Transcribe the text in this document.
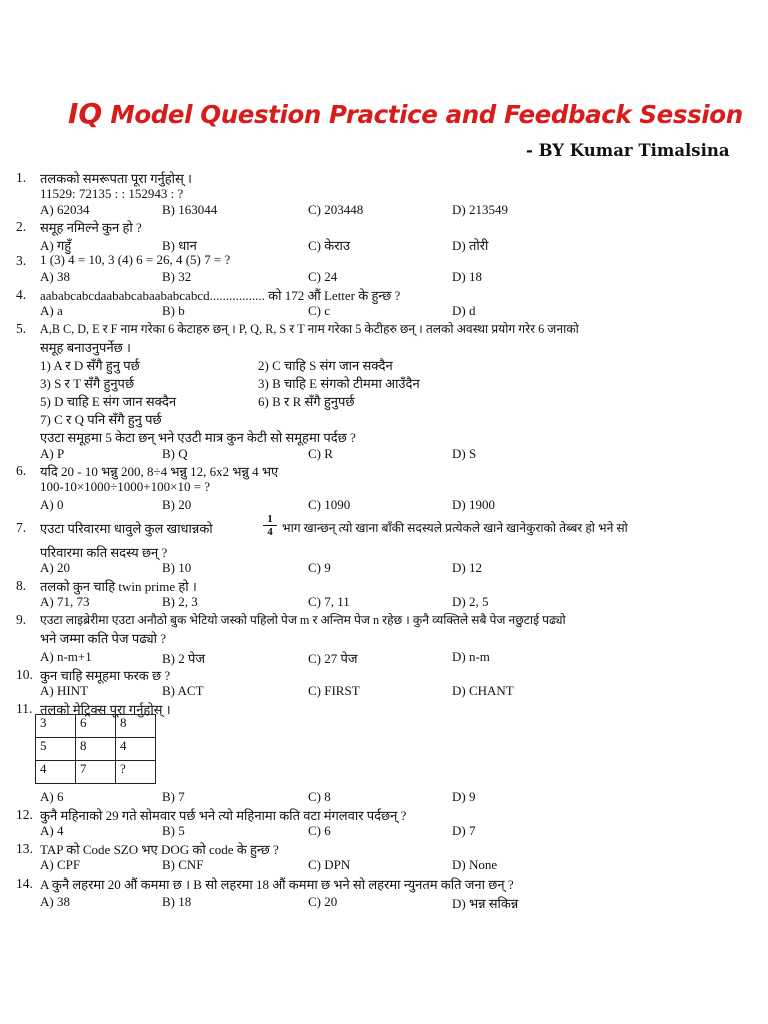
IQ Model Question Practice and Feedback Session
- BY Kumar Timalsina
1.	तलकको समरूपता पूरा गर्नुहोस् ।
11529: 72135 : : 152943 : ?
A) 62034	B) 163044	C) 203448	D) 213549
2.	समूह नमिल्ने कुन हो ?
A) गहुँ	B) धान	C) केराउ	D) तोरी
3.	1 (3) 4 = 10, 3 (4) 6 = 26, 4 (5) 7 = ?
A) 38	B) 32	C) 24	D) 18
4.	aababcabcdaababcabaababcabcd................. को 172 औं Letter के हुन्छ ?
A) a	B) b	C) c	D) d
5.	A,B C, D, E र F नाम गरेका 6 केटाहरु छन् । P, Q, R, S र T नाम गरेका 5 केटीहरु छन् । तलको अवस्था प्रयोग गरेर 6 जनाको
समूह बनाउनुपर्नेछ ।
1) A र D सँगै हुनु पर्छ	2) C चाहि S संग जान सक्दैन
3) S र T सँगै हुनुपर्छ	3) B चाहि E संगको टीममा आउँदैन
5) D चाहि E संग जान सक्दैन	6) B र R सँगै हुनुपर्छ
7) C र Q पनि सँगै हुनु पर्छ
एउटा समूहमा 5 केटा छन् भने एउटी मात्र कुन केटी सो समूहमा पर्दछ ?
A) P	B) Q	C) R	D) S
6.	यदि 20 - 10 भन्नु 200, 8÷4 भन्नु 12, 6x2 भन्नु 4 भए
100-10×1000÷1000+100×10 = ?
A) 0	B) 20	C) 1090	D) 1900
7.	एउटा परिवारमा धावुले कुल खाधान्नको	$\frac{1}{4}$ भाग खान्छन् त्यो खाना बाँकी सदस्यले प्रत्येकले खाने खानेकुराको तेब्बर हो भने सो
परिवारमा कति सदस्य छन् ?
A) 20	B) 10	C) 9	D) 12
8.	तलको कुन चाहि twin prime हो ।
A) 71, 73	B) 2, 3	C) 7, 11	D) 2, 5
9.	एउटा लाइब्रेरीमा एउटा अनौठो बुक भेटियो जस्को पहिलो पेज m र अन्तिम पेज n रहेछ । कुनै व्यक्तिले सबै पेज नछुटाई पढ्यो
भने जम्मा कति पेज पढ्यो ?
A) n-m+1	B) 2 पेज	C) 27 पेज	D) n-m
10. कुन चाहि समूहमा फरक छ ?
A) HINT	B) ACT	C) FIRST	D) CHANT
11. तलको मेट्रिक्स पूरा गर्नुहोस् ।
3	6	8
5	8	4
4	7	?
A) 6	B) 7	C) 8	D) 9
12. कुनै महिनाको 29 गते सोमवार पर्छ भने त्यो महिनामा कति वटा मंगलवार पर्दछन् ?
A) 4	B) 5	C) 6	D) 7
13. TAP को Code SZO भए DOG को code के हुन्छ ?
A) CPF	B) CNF	C) DPN	D) None
14. A कुनै लहरमा 20 औं कममा छ । B सो लहरमा 18 औं कममा छ भने सो लहरमा न्युनतम कति जना छन् ?
A) 38	B) 18	C) 20	D) भन्न सकिन्न
